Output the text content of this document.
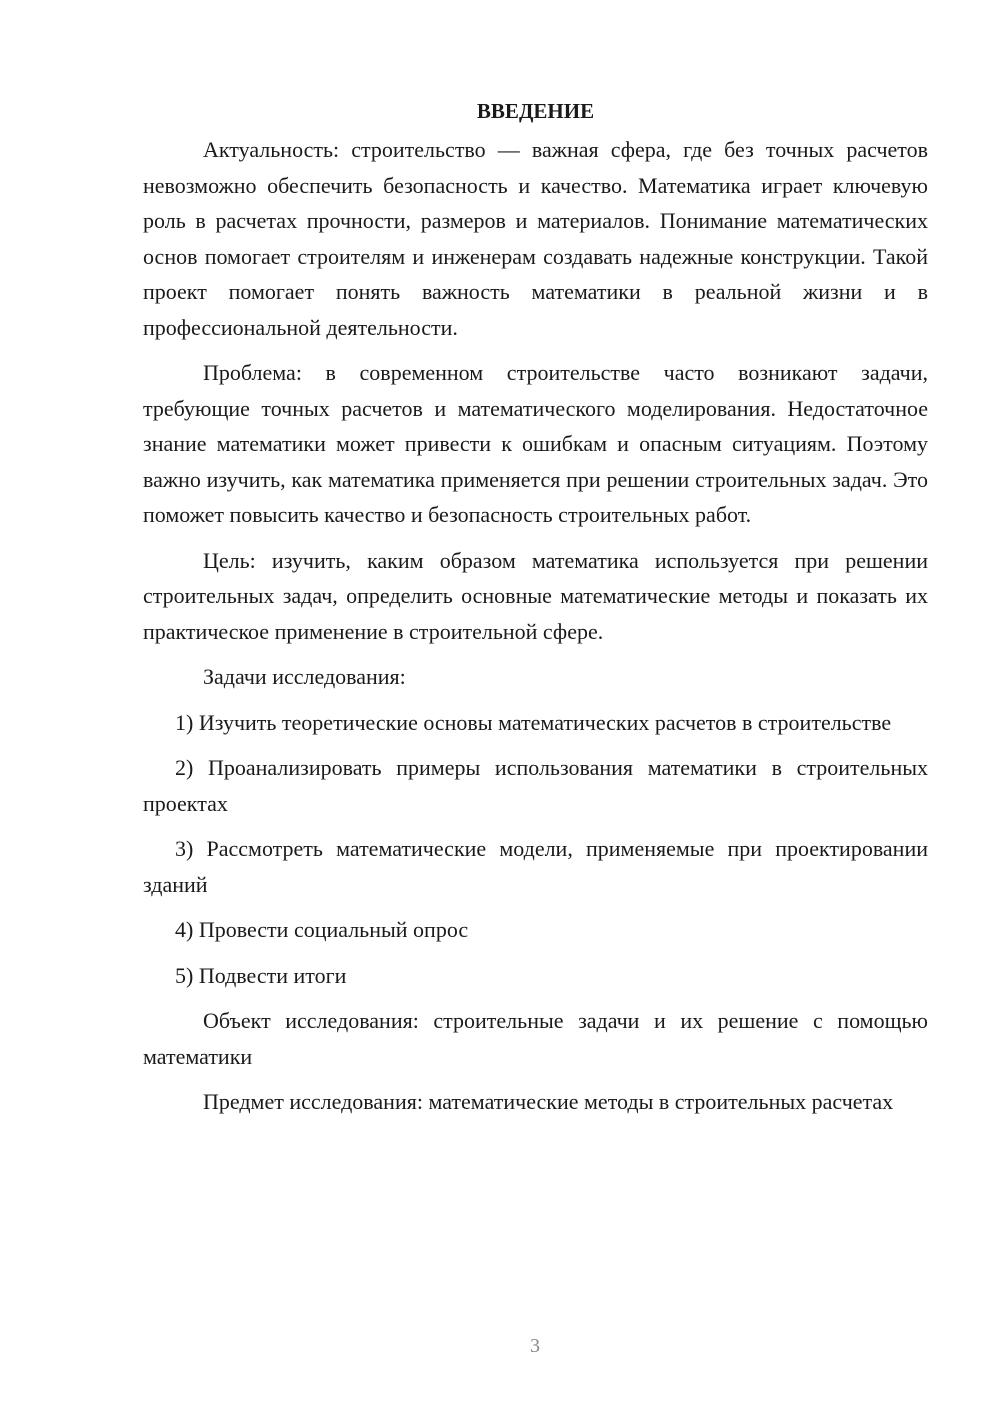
ВВЕДЕНИЕ

Актуальность: строительство — важная сфера, где без точных расчетов невозможно обеспечить безопасность и качество. Математика играет ключевую роль в расчетах прочности, размеров и материалов. Понимание математических основ помогает строителям и инженерам создавать надежные конструкции. Такой проект помогает понять важность математики в реальной жизни и в профессиональной деятельности.

Проблема: в современном строительстве часто возникают задачи, требующие точных расчетов и математического моделирования. Недостаточное знание математики может привести к ошибкам и опасным ситуациям. Поэтому важно изучить, как математика применяется при решении строительных задач. Это поможет повысить качество и безопасность строительных работ.

Цель: изучить, каким образом математика используется при решении строительных задач, определить основные математические методы и показать их практическое применение в строительной сфере.

Задачи исследования:

1) Изучить теоретические основы математических расчетов в строительстве

2) Проанализировать примеры использования математики в строительных проектах

3) Рассмотреть математические модели, применяемые при проектировании зданий

4) Провести социальный опрос

5) Подвести итоги

Объект исследования: строительные задачи и их решение с помощью математики

Предмет исследования: математические методы в строительных расчетах

3
